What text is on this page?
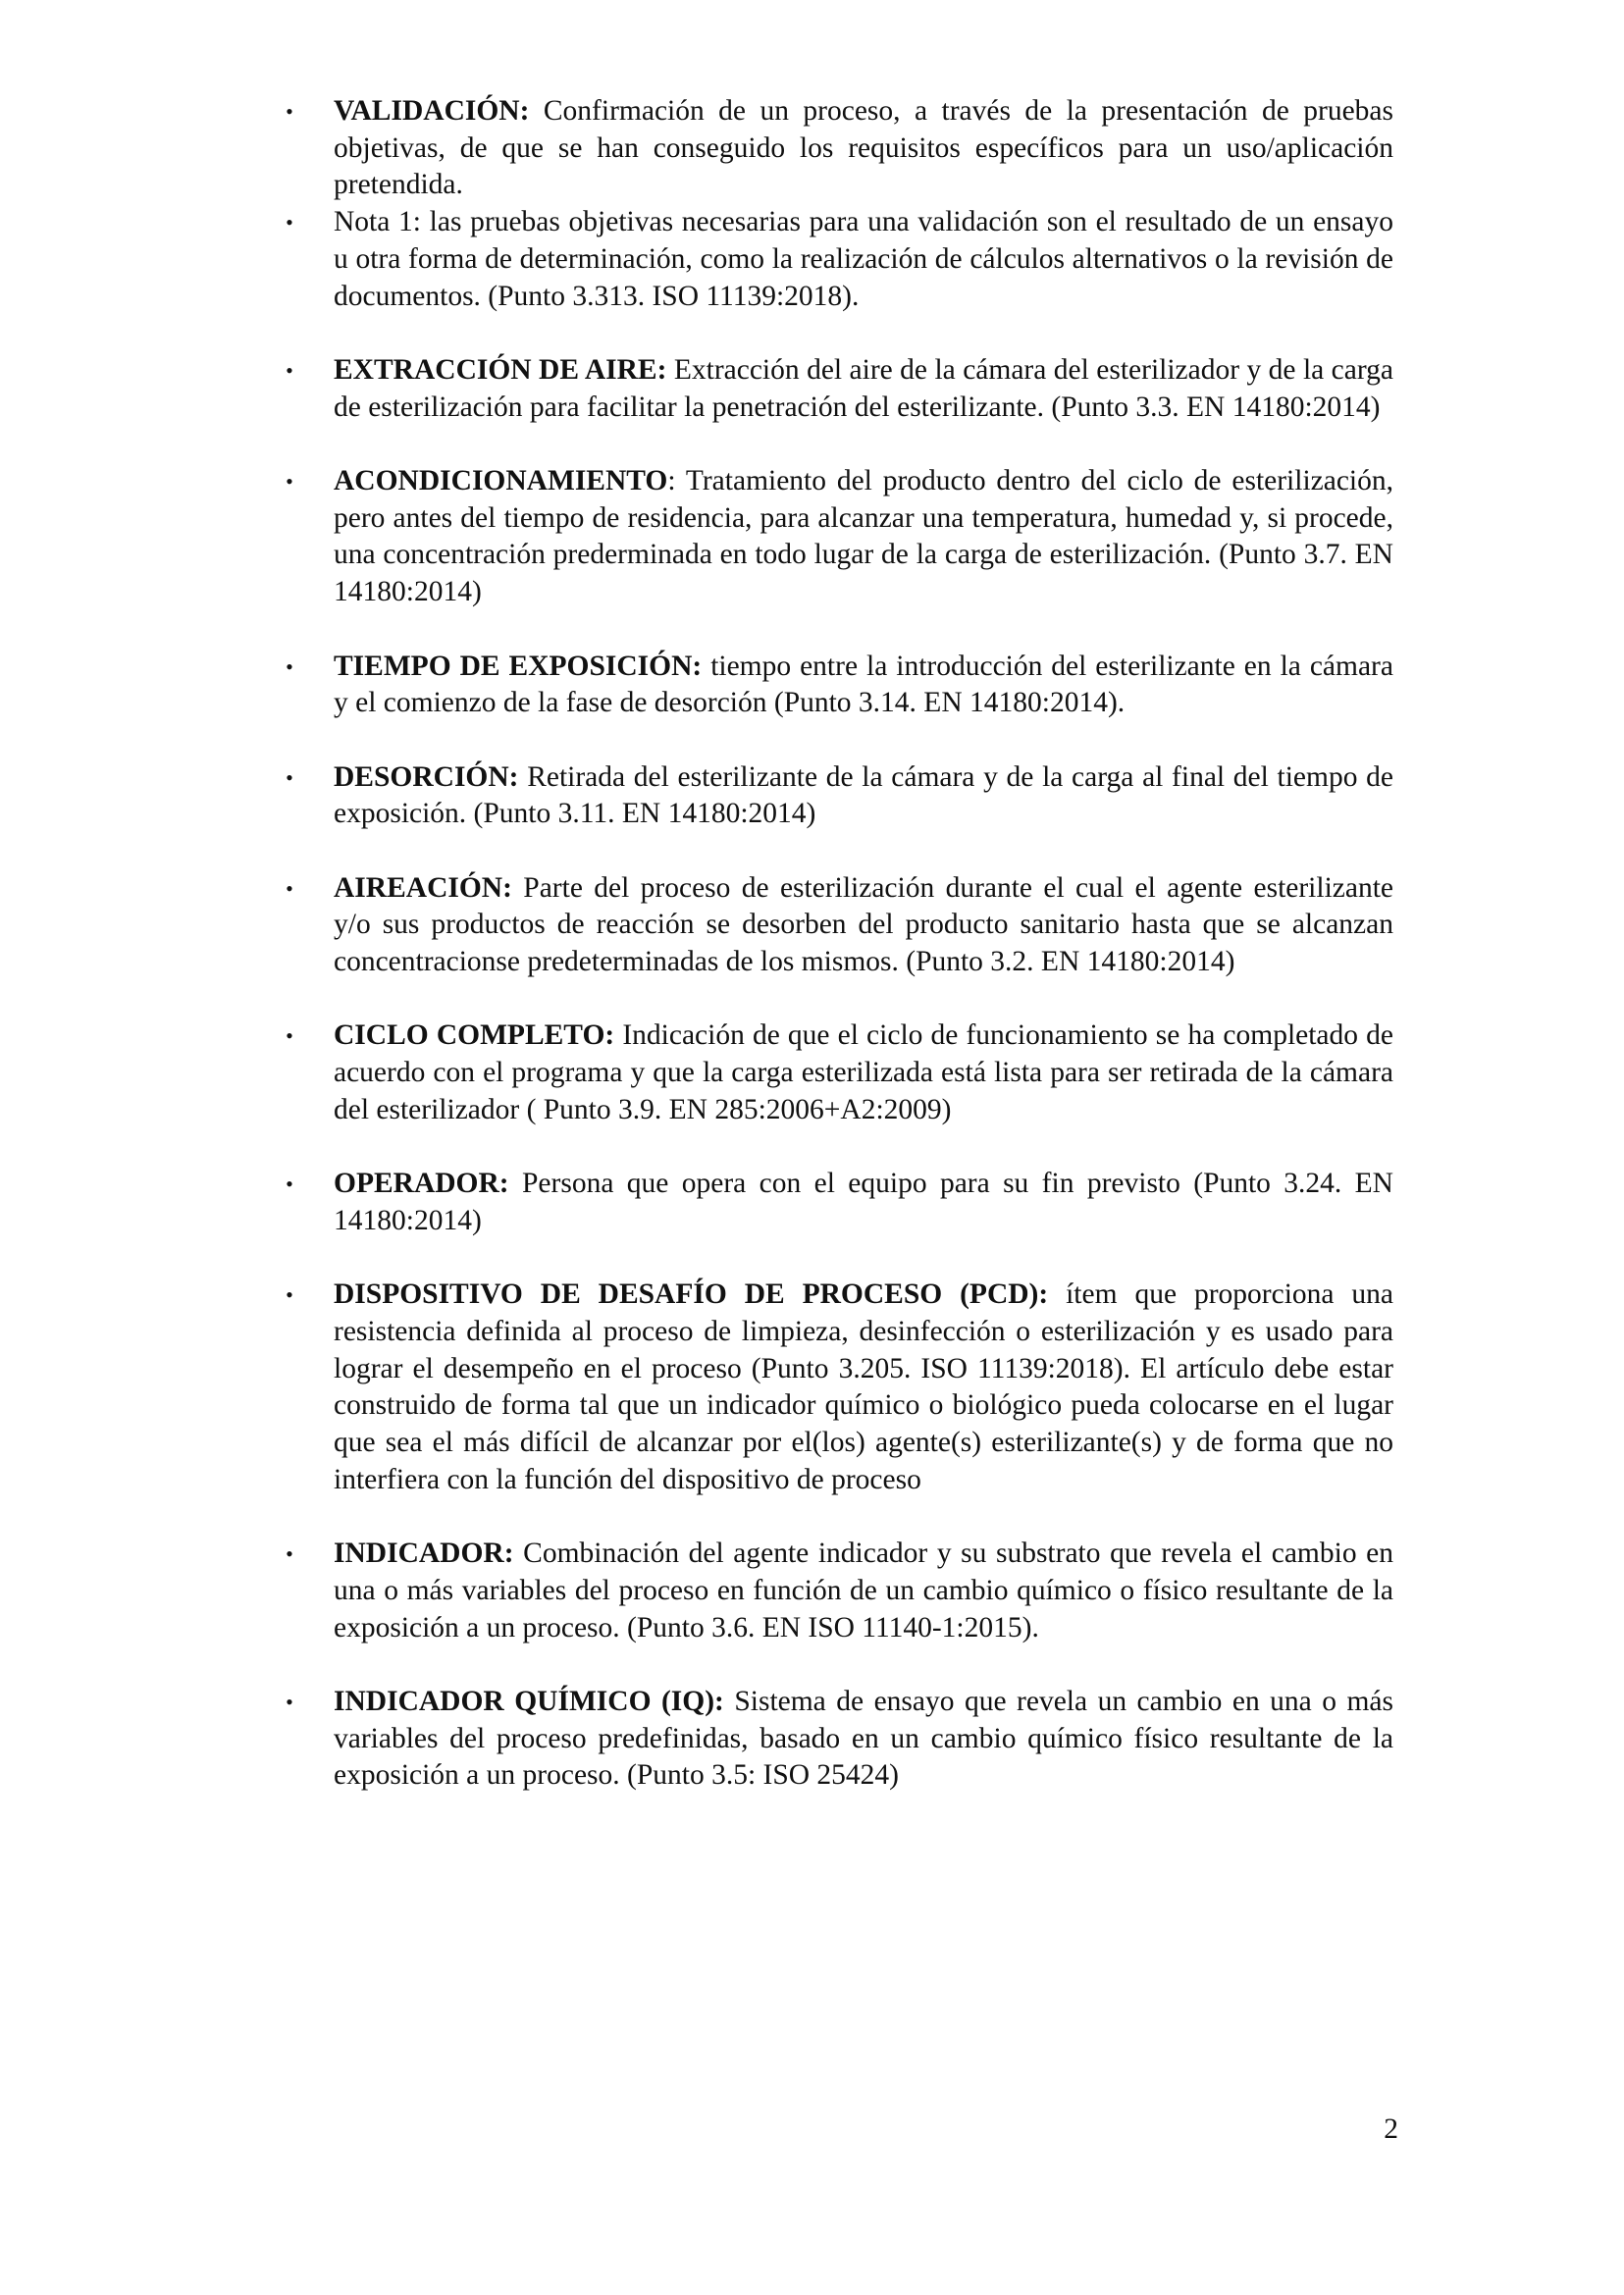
• VALIDACIÓN: Confirmación de un proceso, a través de la presentación de pruebas objetivas, de que se han conseguido los requisitos específicos para un uso/aplicación pretendida.
• Nota 1: las pruebas objetivas necesarias para una validación son el resultado de un ensayo u otra forma de determinación, como la realización de cálculos alternativos o la revisión de documentos. (Punto 3.313. ISO 11139:2018).
• EXTRACCIÓN DE AIRE: Extracción del aire de la cámara del esterilizador y de la carga de esterilización para facilitar la penetración del esterilizante. (Punto 3.3. EN 14180:2014)
• ACONDICIONAMIENTO: Tratamiento del producto dentro del ciclo de esterilización, pero antes del tiempo de residencia, para alcanzar una temperatura, humedad y, si procede, una concentración prederminada en todo lugar de la carga de esterilización. (Punto 3.7. EN 14180:2014)
• TIEMPO DE EXPOSICIÓN: tiempo entre la introducción del esterilizante en la cámara y el comienzo de la fase de desorción (Punto 3.14. EN 14180:2014).
• DESORCIÓN: Retirada del esterilizante de la cámara y de la carga al final del tiempo de exposición. (Punto 3.11. EN 14180:2014)
• AIREACIÓN: Parte del proceso de esterilización durante el cual el agente esterilizante y/o sus productos de reacción se desorben del producto sanitario hasta que se alcanzan concentracionse predeterminadas de los mismos. (Punto 3.2. EN 14180:2014)
• CICLO COMPLETO: Indicación de que el ciclo de funcionamiento se ha completado de acuerdo con el programa y que la carga esterilizada está lista para ser retirada de la cámara del esterilizador ( Punto 3.9. EN 285:2006+A2:2009)
• OPERADOR: Persona que opera con el equipo para su fin previsto (Punto 3.24. EN 14180:2014)
• DISPOSITIVO DE DESAFÍO DE PROCESO (PCD): ítem que proporciona una resistencia definida al proceso de limpieza, desinfección o esterilización y es usado para lograr el desempeño en el proceso (Punto 3.205. ISO 11139:2018). El artículo debe estar construido de forma tal que un indicador químico o biológico pueda colocarse en el lugar que sea el más difícil de alcanzar por el(los) agente(s) esterilizante(s) y de forma que no interfiera con la función del dispositivo de proceso
• INDICADOR: Combinación del agente indicador y su substrato que revela el cambio en una o más variables del proceso en función de un cambio químico o físico resultante de la exposición a un proceso. (Punto 3.6. EN ISO 11140-1:2015).
• INDICADOR QUÍMICO (IQ): Sistema de ensayo que revela un cambio en una o más variables del proceso predefinidas, basado en un cambio químico físico resultante de la exposición a un proceso. (Punto 3.5: ISO 25424)
2
